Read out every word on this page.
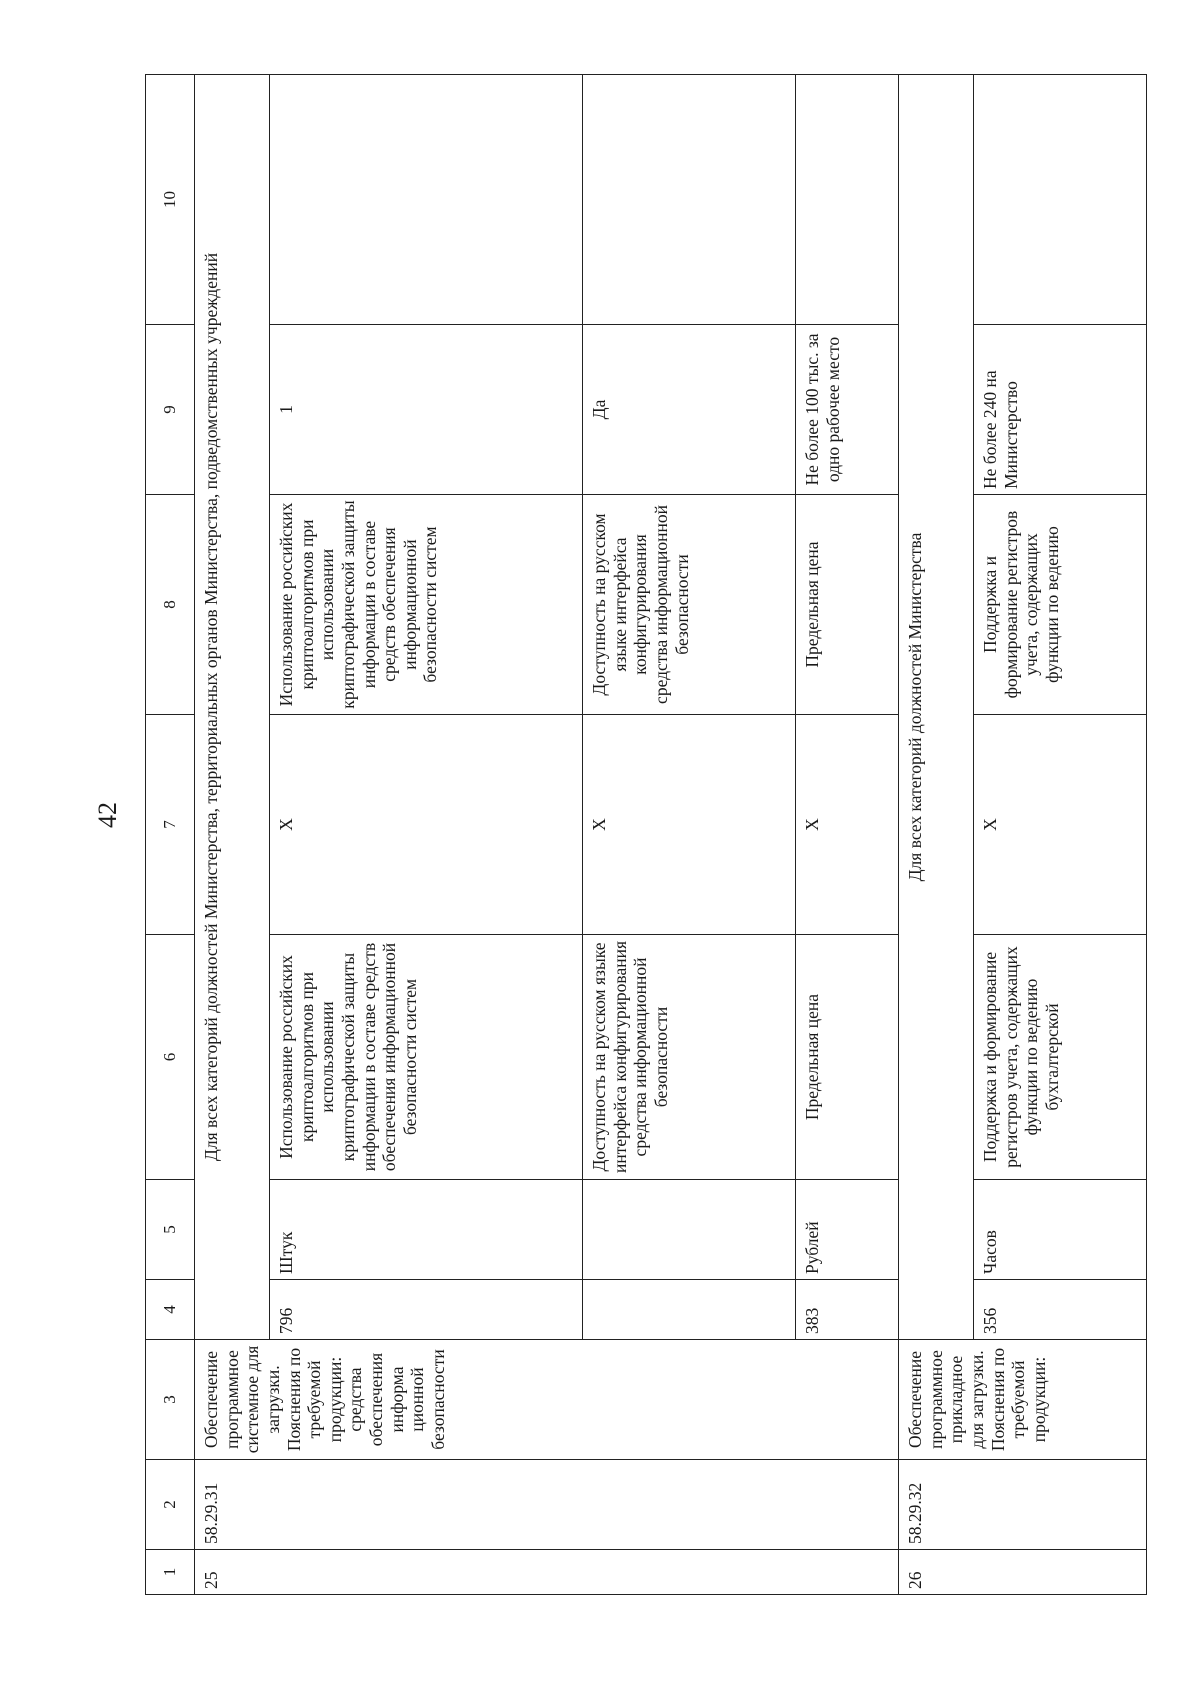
42
1	2	3	4	5	6	7	8	9	10
25	58.29.31	Обеспечение программное системное для загрузки. Пояснения по требуемой продукции: средства обеспечения информа ционной безопасности	Для всех категорий должностей Министерства, территориальных органов Министерства, подведомственных учреждений						
			796	Штук	Использование российских криптоалгоритмов при использовании криптографической защиты информации в составе средств обеспечения информационной безопасности систем	X	Использование российских криптоалгоритмов при использовании криптографической защиты информации в составе средств обеспечения информационной безопасности систем	1	
					Доступность на русском языке интерфейса конфигурирования средства информационной безопасности	X	Доступность на русском языке интерфейса конфигурирования средства информационной безопасности	Да	
			383	Рублей	Предельная цена	X	Предельная цена	Не более 100 тыс. за одно рабочее место	
26	58.29.32	Обеспечение программное прикладное для загрузки. Пояснения по требуемой продукции:	Для всех категорий должностей Министерства						
			356	Часов	Поддержка и формирование регистров учета, содержащих функции по ведению бухгалтерской	X	Поддержка и формирование регистров учета, содержащих функции по ведению	Не более 240 на Министерство	
